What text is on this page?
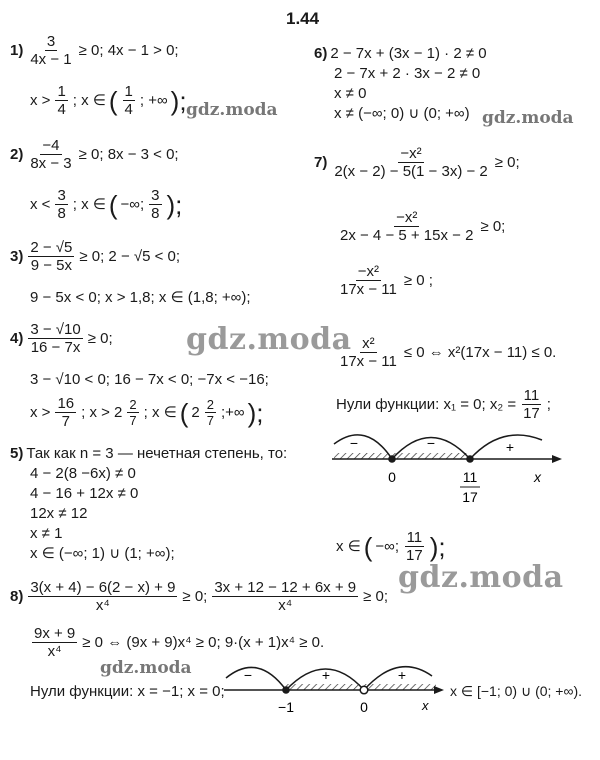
1.44
$1) \frac{3}{4x - 1} \ge 0$; 4x − 1 > 0;
$x > \frac{1}{4}$ ; x ∈ ( $\frac{1}{4}$ ; +∞ ); gdz.moda
$2) \frac{-4}{8x - 3} \ge 0$; 8x − 3 < 0;
$x < \frac{3}{8}$ ; x ∈ ( −∞; $\frac{3}{8}$ );
$3) \frac{2 - √5}{9 - 5x} \ge 0$; 2 − √5 < 0;
9 − 5x < 0; x > 1,8; x ∈ (1,8; +∞);
$4) \frac{3 - √10}{16 - 7x} \ge 0$;
3 − √10 < 0; 16 − 7x < 0; −7x < −16;
$x > \frac{16}{7}$ ; $x > 2 \frac{2}{7}$ ; x ∈ ( $2 \frac{2}{7}$ ;+∞ );
gdz.moda
5) Так как n = 3 — нечетная степень, то:
4 − 2(8 −6x) ≠ 0
4 − 16 + 12x ≠ 0
12x ≠ 12
x ≠ 1
x ∈ (−∞; 1) ∪ (1; +∞);
6) 2 − 7x + (3x − 1) · 2 ≠ 0
2 − 7x + 2 · 3x − 2 ≠ 0
x ≠ 0
x ≠ (−∞; 0) ∪ (0; +∞) gdz.moda
$7) \frac{\text{−x²}}{2(x - 2) - 5(1 - 3x) - 2} \ge 0$;
$\frac{\text{−x²}}{2x - 4 - 5 + 15x - 2} \ge 0$;
$\frac{\text{−x²}}{17x - 11} \ge 0$ ;
$\frac{\text{x²}}{17x - 11} \le 0$ ⇔ x²(17x − 11) ≤ 0.
Нули функции: x₁ = 0; $x_2 = \frac{11}{17}$ ;
−	−	+
0	11
17
x
x ∈ ( −∞; $\frac{11}{17}$ );
gdz.moda
$8) \frac{3(x + 4) - 6(2 - x) + 9}{\text{x⁴}} \ge 0$; $\frac{3x + 12 - 12 + 6x + 9}{\text{x⁴}} \ge 0$;
$\frac{9x + 9}{\text{x⁴}} \ge 0$ ⇔ (9x + 9)x⁴ ≥ 0; 9·(x + 1)x⁴ ≥ 0.
gdz.moda
Нули функции: x = −1; x = 0;
−	+	+
−1	0	x
x ∈ [−1; 0) ∪ (0; +∞).
